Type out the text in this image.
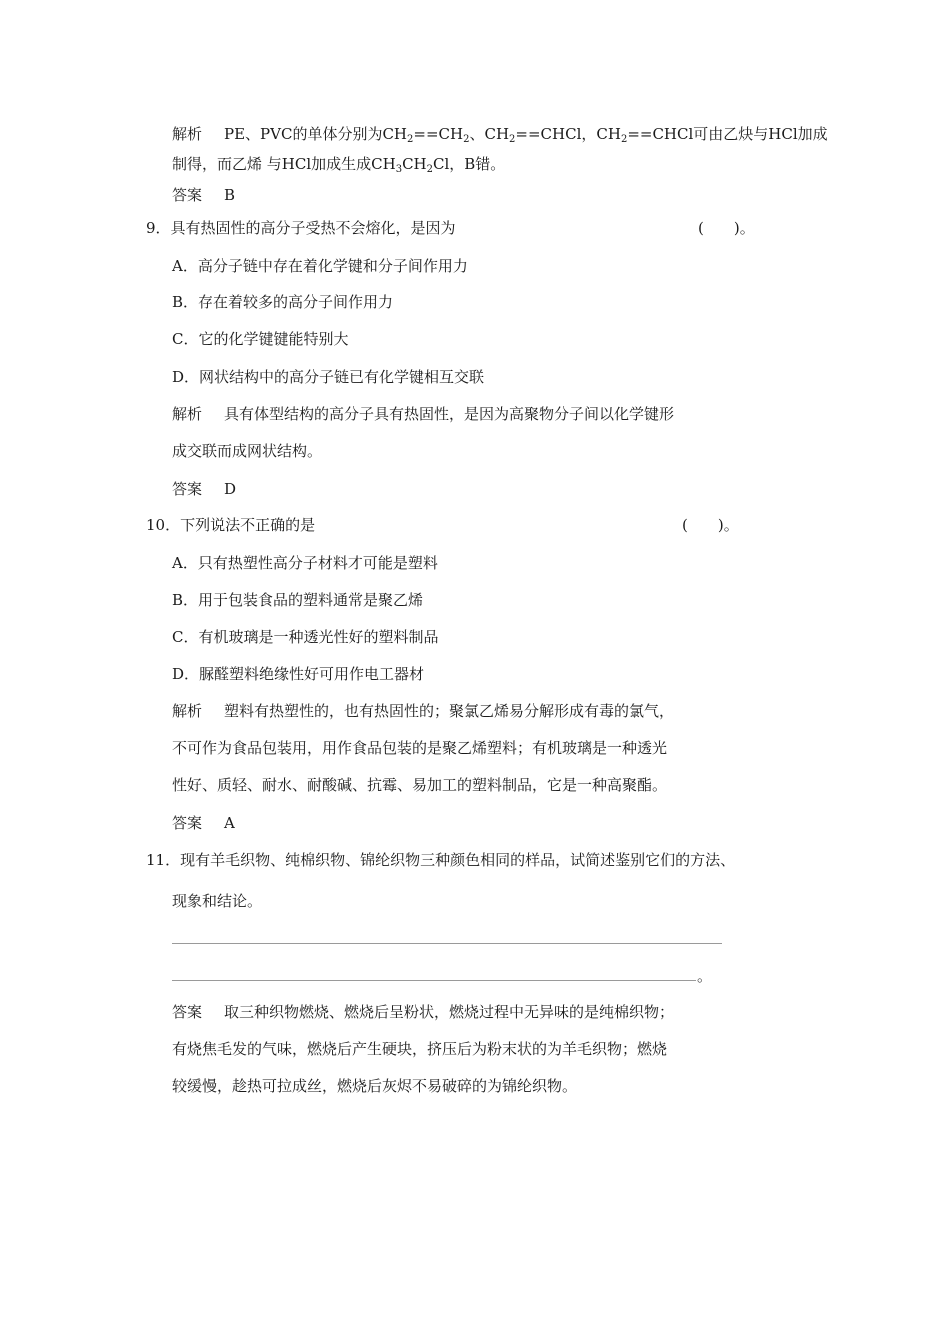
解析 PE、PVC的单体分别为$CH_2==CH_2$、$CH_2==CHCl$，$CH_2==CHCl$可由乙炔与HCl加成
制得，而乙烯 与HCl加成生成$CH_3CH_2Cl$，B错。
答案 B
9．具有热固性的高分子受热不会熔化，是因为	(　　)。
A．高分子链中存在着化学键和分子间作用力
B．存在着较多的高分子间作用力
C．它的化学键键能特别大
D．网状结构中的高分子链已有化学键相互交联
解析 具有体型结构的高分子具有热固性，是因为高聚物分子间以化学键形
成交联而成网状结构。
答案 D
10．下列说法不正确的是	(　　)。
A．只有热塑性高分子材料才可能是塑料
B．用于包装食品的塑料通常是聚乙烯
C．有机玻璃是一种透光性好的塑料制品
D．脲醛塑料绝缘性好可用作电工器材
解析 塑料有热塑性的，也有热固性的；聚氯乙烯易分解形成有毒的氯气，
不可作为食品包装用，用作食品包装的是聚乙烯塑料；有机玻璃是一种透光
性好、质轻、耐水、耐酸碱、抗霉、易加工的塑料制品，它是一种高聚酯。
答案 A
11．现有羊毛织物、纯棉织物、锦纶织物三种颜色相同的样品，试简述鉴别它们的方法、
现象和结论。
。
答案 取三种织物燃烧、燃烧后呈粉状，燃烧过程中无异味的是纯棉织物；
有烧焦毛发的气味，燃烧后产生硬块，挤压后为粉末状的为羊毛织物；燃烧
较缓慢，趁热可拉成丝，燃烧后灰烬不易破碎的为锦纶织物。
